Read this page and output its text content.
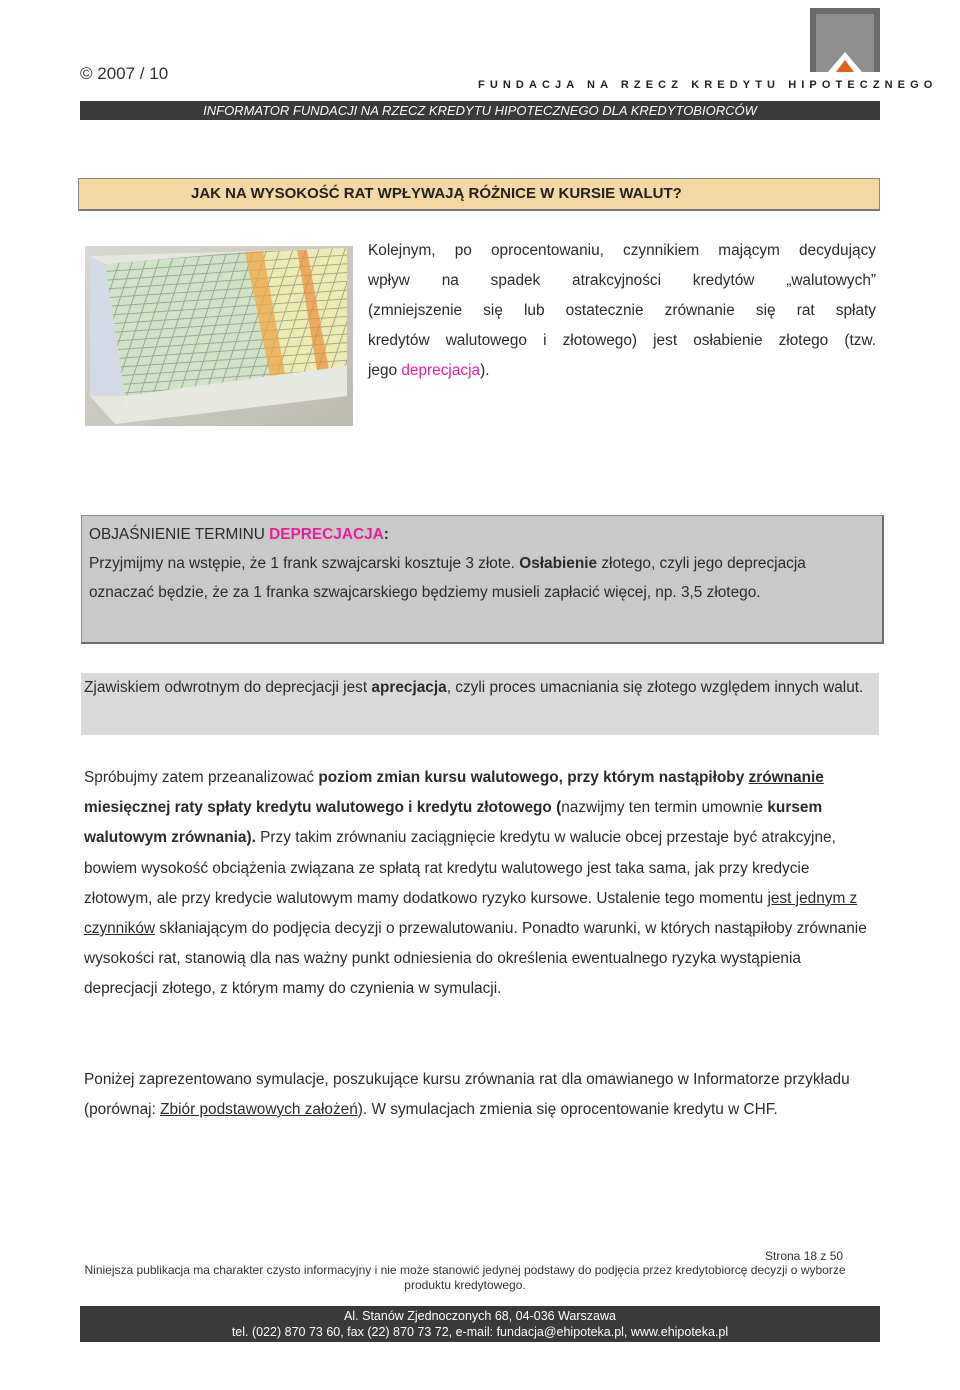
© 2007 / 10
FUNDACJA NA RZECZ KREDYTU HIPOTECZNEGO
INFORMATOR FUNDACJI NA RZECZ KREDYTU HIPOTECZNEGO DLA KREDYTOBIORCÓW
JAK NA WYSOKOŚĆ RAT WPŁYWAJĄ RÓŻNICE W KURSIE WALUT?
Kolejnym, po oprocentowaniu, czynnikiem mającym decydujący
wpływ na spadek atrakcyjności kredytów „walutowych”
(zmniejszenie się lub ostatecznie zrównanie się rat spłaty
kredytów walutowego i złotowego) jest osłabienie złotego (tzw.
jego deprecjacja).
OBJAŚNIENIE TERMINU DEPRECJACJA:
Przyjmijmy na wstępie, że 1 frank szwajcarski kosztuje 3 złote. Osłabienie złotego, czyli jego deprecjacja oznaczać będzie, że za 1 franka szwajcarskiego będziemy musieli zapłacić więcej, np. 3,5 złotego.
Zjawiskiem odwrotnym do deprecjacji jest aprecjacja, czyli proces umacniania się złotego względem innych walut.
Spróbujmy zatem przeanalizować poziom zmian kursu walutowego, przy którym nastąpiłoby zrównanie miesięcznej raty spłaty kredytu walutowego i kredytu złotowego (nazwijmy ten termin umownie kursem walutowym zrównania). Przy takim zrównaniu zaciągnięcie kredytu w walucie obcej przestaje być atrakcyjne, bowiem wysokość obciążenia związana ze spłatą rat kredytu walutowego jest taka sama, jak przy kredycie złotowym, ale przy kredycie walutowym mamy dodatkowo ryzyko kursowe. Ustalenie tego momentu jest jednym z czynników skłaniającym do podjęcia decyzji o przewalutowaniu. Ponadto warunki, w których nastąpiłoby zrównanie wysokości rat, stanowią dla nas ważny punkt odniesienia do określenia ewentualnego ryzyka wystąpienia deprecjacji złotego, z którym mamy do czynienia w symulacji.
Poniżej zaprezentowano symulacje, poszukujące kursu zrównania rat dla omawianego w Informatorze przykładu (porównaj: Zbiór podstawowych założeń). W symulacjach zmienia się oprocentowanie kredytu w CHF.
Strona 18 z 50
Niniejsza publikacja ma charakter czysto informacyjny i nie może stanowić jedynej podstawy do podjęcia przez kredytobiorcę decyzji o wyborze produktu kredytowego.
Al. Stanów Zjednoczonych 68, 04-036 Warszawa
tel. (022) 870 73 60, fax (22) 870 73 72, e-mail: fundacja@ehipoteka.pl, www.ehipoteka.pl
